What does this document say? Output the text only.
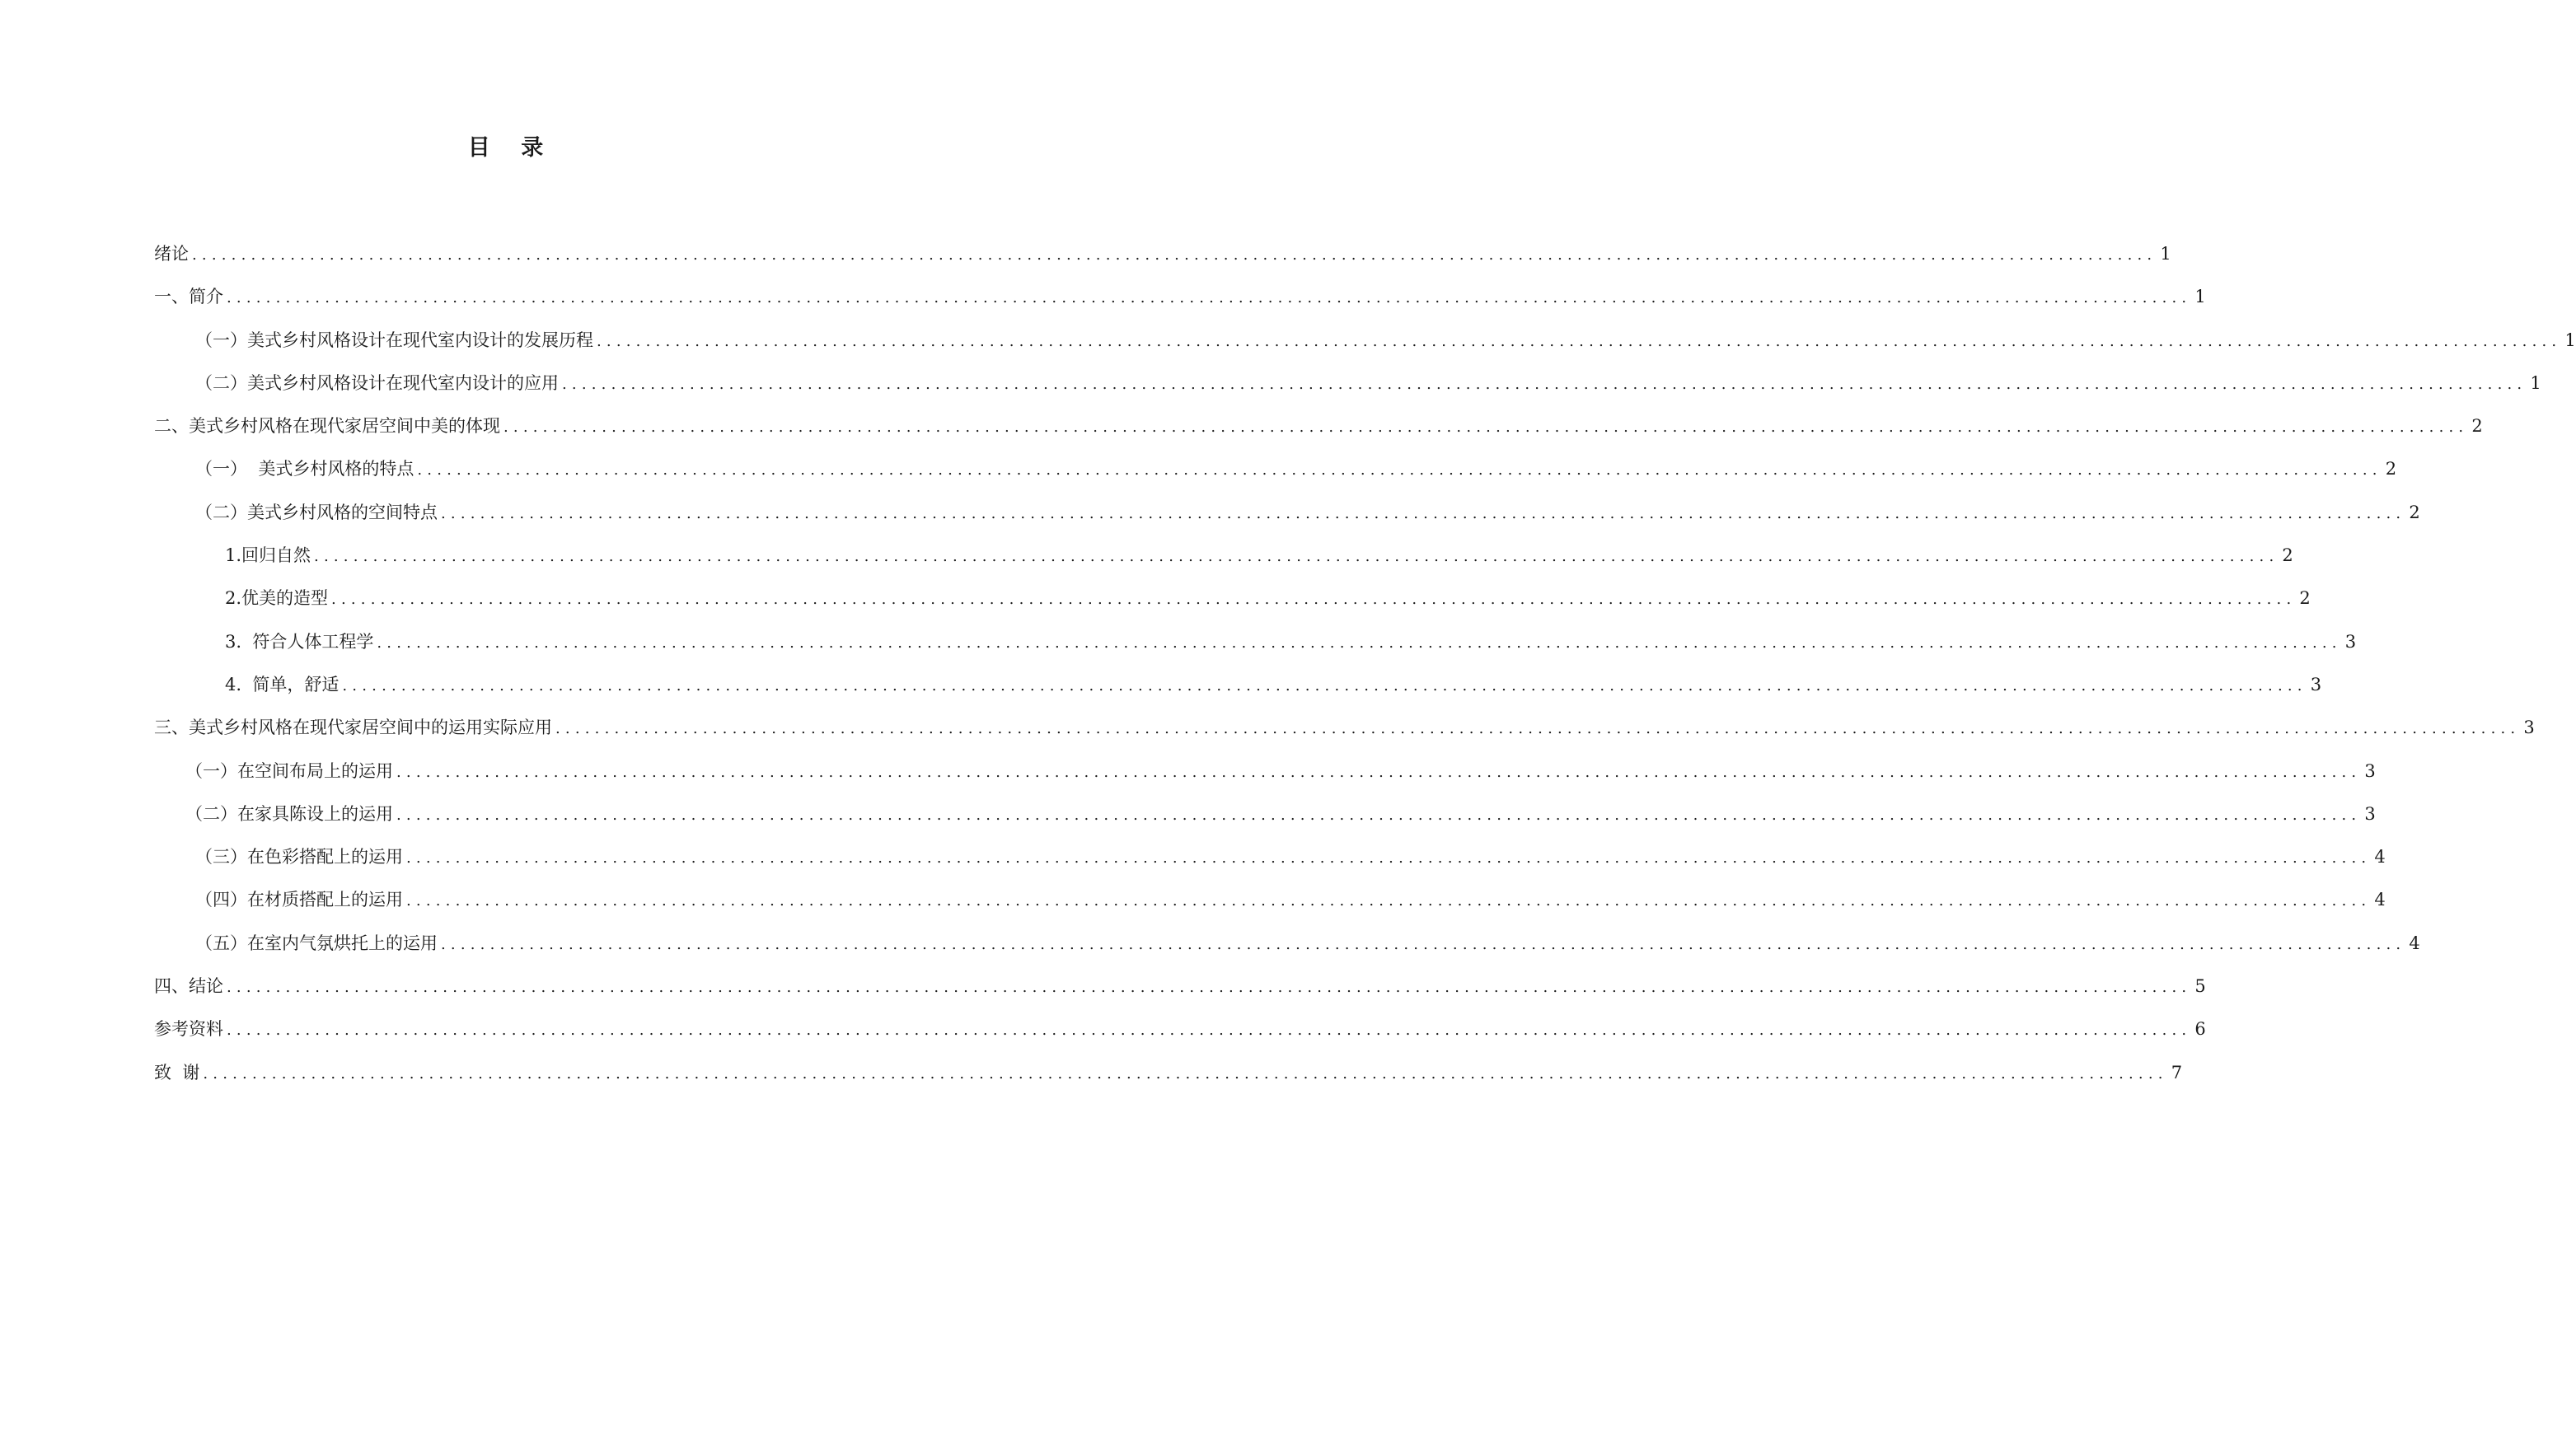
目 录
绪论 ........................................................................................................................................................................................................ 1
一、简介 ........................................................................................................................................................................................................ 1
（一）美式乡村风格设计在现代室内设计的发展历程 ........................................................................................................................................................................................................ 1
（二）美式乡村风格设计在现代室内设计的应用 ........................................................................................................................................................................................................ 1
二、美式乡村风格在现代家居空间中美的体现 ........................................................................................................................................................................................................ 2
（一）  美式乡村风格的特点 ........................................................................................................................................................................................................ 2
（二）美式乡村风格的空间特点 ........................................................................................................................................................................................................ 2
1.回归自然 ........................................................................................................................................................................................................ 2
2.优美的造型 ........................................................................................................................................................................................................ 2
3.  符合人体工程学 ........................................................................................................................................................................................................ 3
4.  简单，舒适 ........................................................................................................................................................................................................ 3
三、美式乡村风格在现代家居空间中的运用实际应用 ........................................................................................................................................................................................................ 3
（一）在空间布局上的运用 ........................................................................................................................................................................................................ 3
（二）在家具陈设上的运用 ........................................................................................................................................................................................................ 3
（三）在色彩搭配上的运用 ........................................................................................................................................................................................................ 4
（四）在材质搭配上的运用 ........................................................................................................................................................................................................ 4
（五）在室内气氛烘托上的运用 ........................................................................................................................................................................................................ 4
四、结论 ........................................................................................................................................................................................................ 5
参考资料 ........................................................................................................................................................................................................ 6
致  谢 ........................................................................................................................................................................................................ 7
